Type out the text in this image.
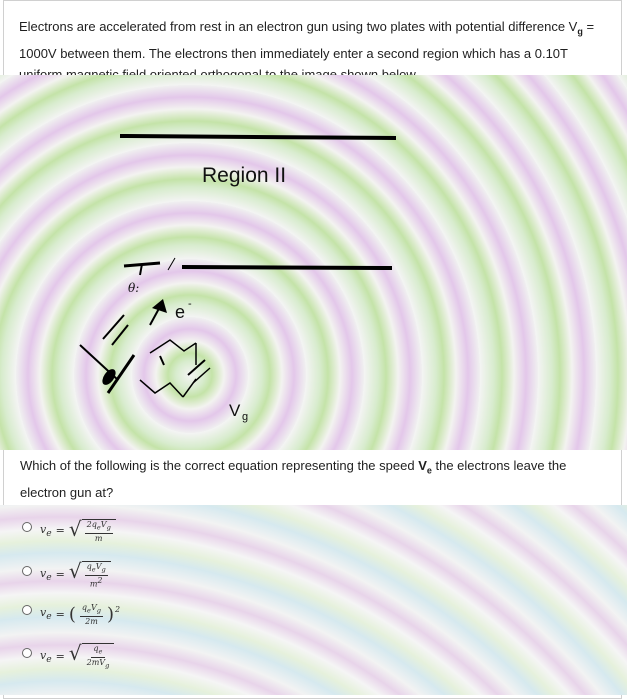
Electrons are accelerated from rest in an electron gun using two plates with potential difference $V_g = 1000V$ between them. The electrons then immediately enter a second region which has a 0.10T
Region II
θ:
e -
V g
Which of the following is the correct equation representing the speed $V_e$ the electrons leave the electron gun at?
$v_e$ = √ $\frac{2q_eV_g}{m}$
$v_e$ = √ $\frac{q_eV_g}{m^2}$
$v_e$ = ( $\frac{q_eV_g}{2m} )^2$
$v_e$ = √ $\frac{q_e}{2mV_g}$
